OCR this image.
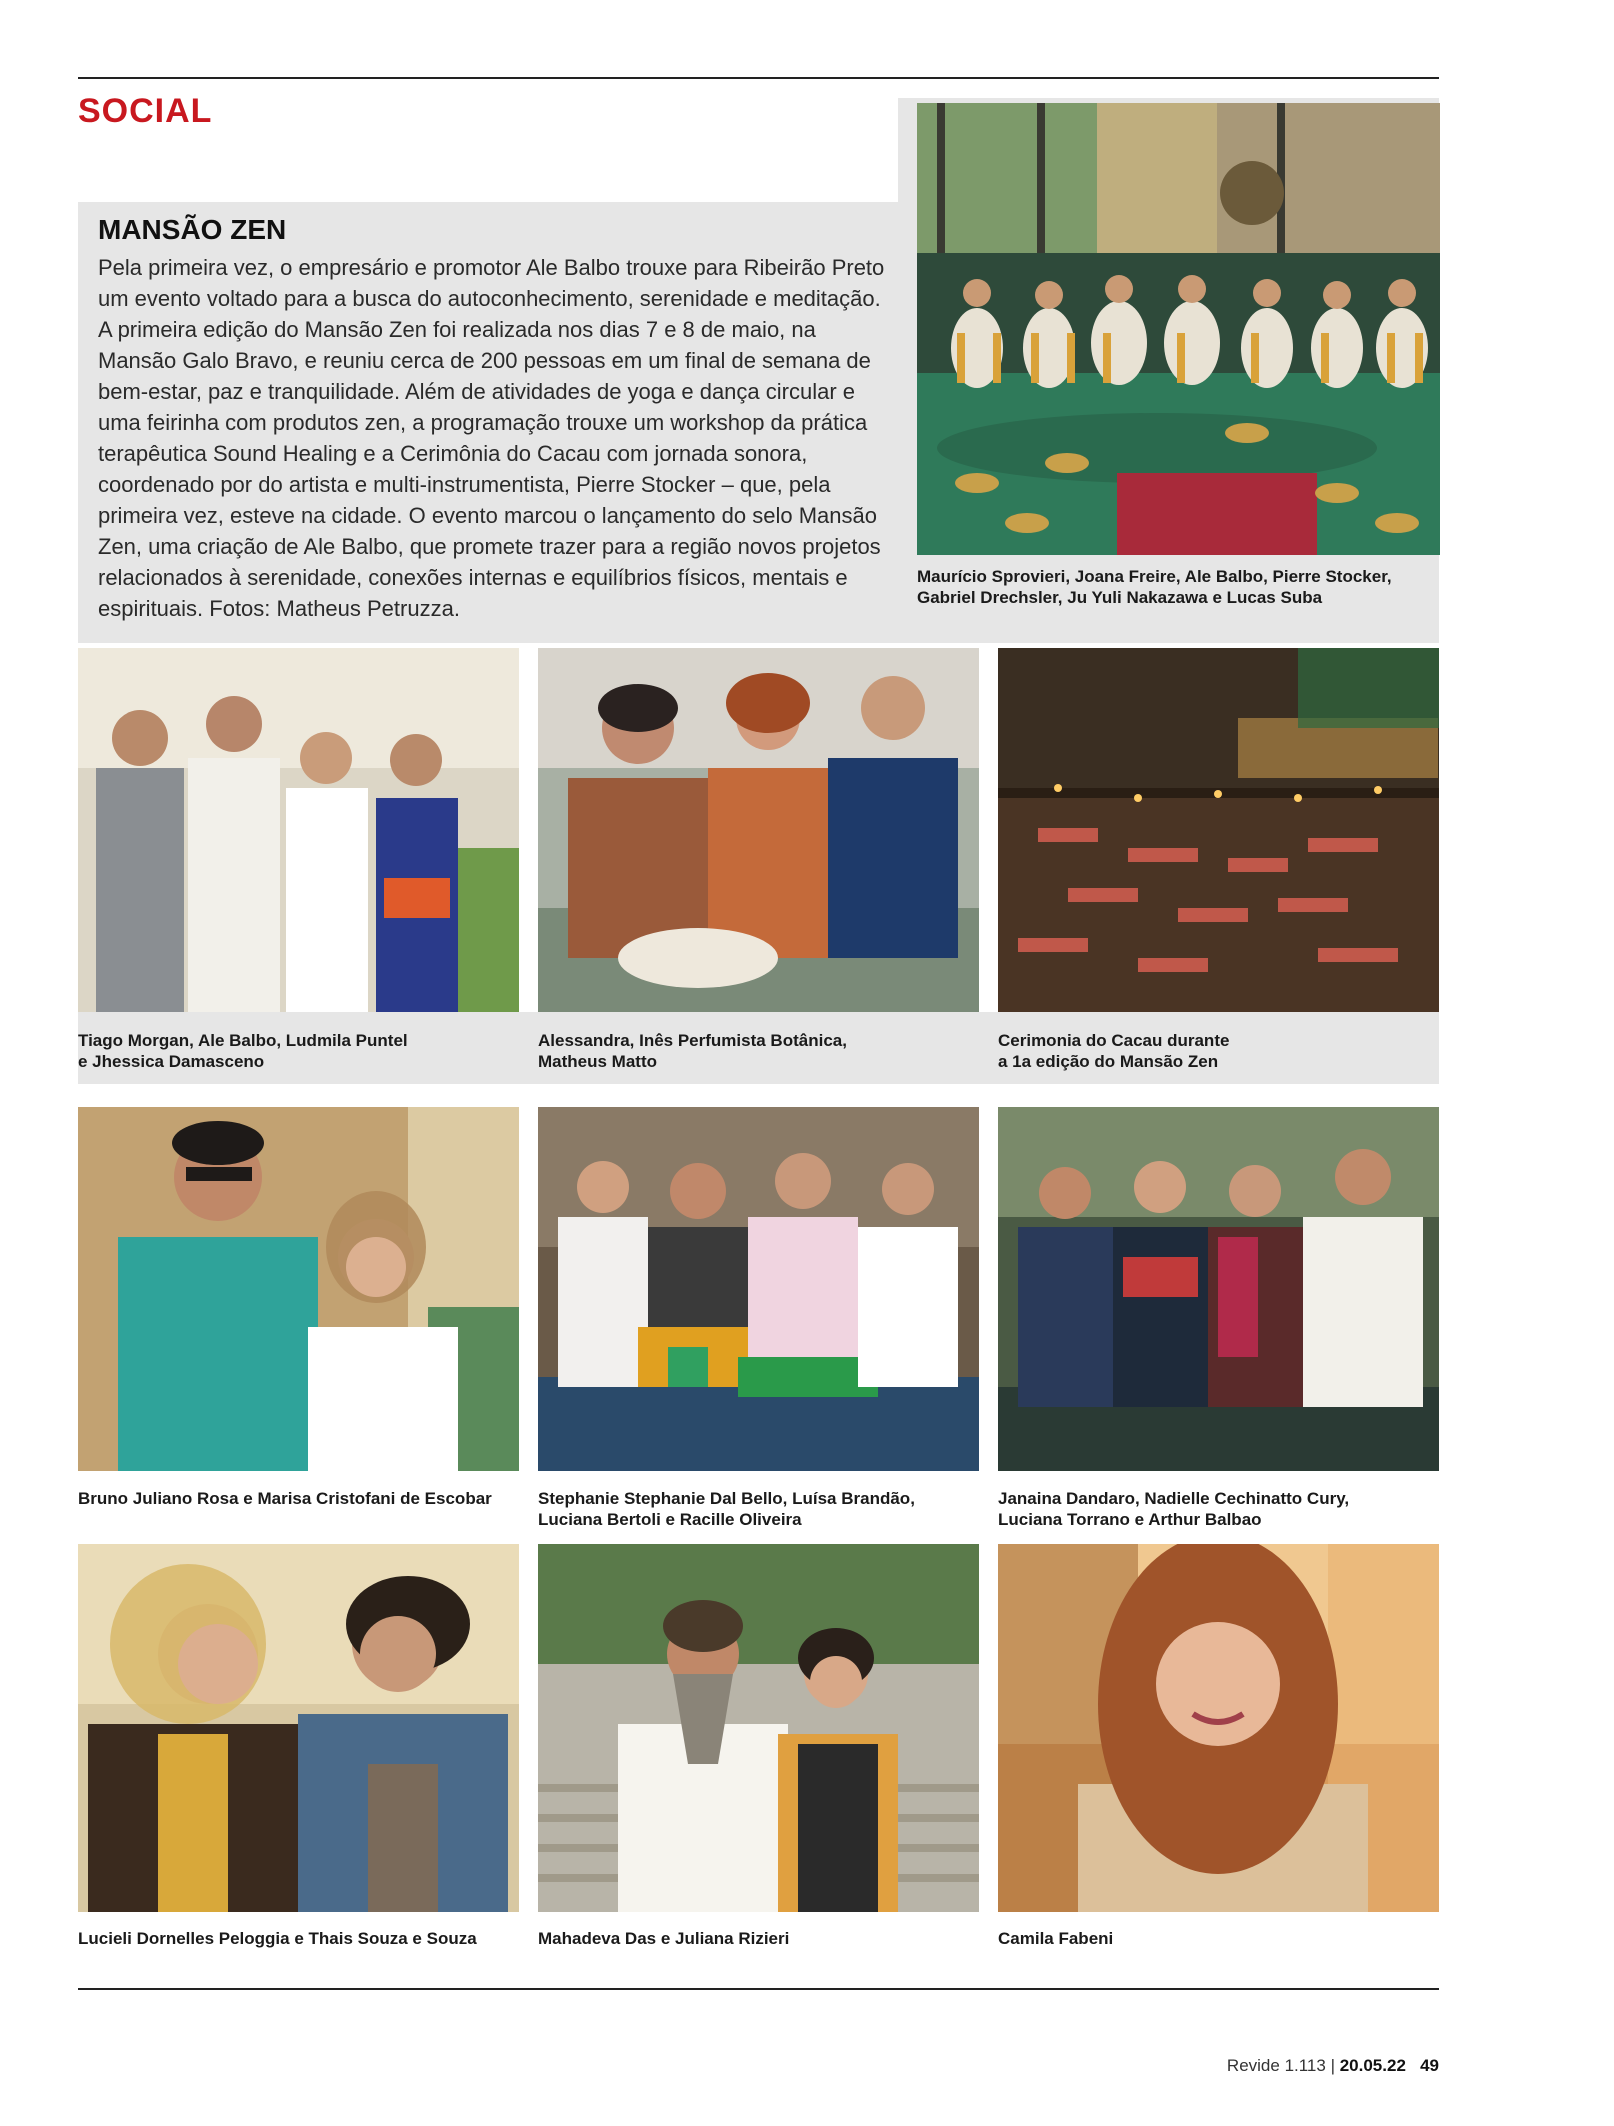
SOCIAL
MANSÃO ZEN

Pela primeira vez, o empresário e promotor Ale Balbo trouxe para Ribeirão Preto um evento voltado para a busca do autoconhecimento, serenidade e meditação. A primeira edição do Mansão Zen foi realizada nos dias 7 e 8 de maio, na Mansão Galo Bravo, e reuniu cerca de 200 pessoas em um final de semana de bem-estar, paz e tranquilidade. Além de atividades de yoga e dança circular e uma feirinha com produtos zen, a programação trouxe um workshop da prática terapêutica Sound Healing e a Cerimônia do Cacau com jornada sonora, coordenado por do artista e multi-instrumentista, Pierre Stocker – que, pela primeira vez, esteve na cidade. O evento marcou o lançamento do selo Mansão Zen, uma criação de Ale Balbo, que promete trazer para a região novos projetos relacionados à serenidade, conexões internas e equilíbrios físicos, mentais e espirituais. Fotos: Matheus Petruzza.

Maurício Sprovieri, Joana Freire, Ale Balbo, Pierre Stocker,
Gabriel Drechsler, Ju Yuli Nakazawa e Lucas Suba

Tiago Morgan, Ale Balbo, Ludmila Puntel
e Jhessica Damasceno

Alessandra, Inês Perfumista Botânica,
Matheus Matto

Cerimonia do Cacau durante
a 1a edição do Mansão Zen

Bruno Juliano Rosa e Marisa Cristofani de Escobar	Stephanie Stephanie Dal Bello, Luísa Brandão,
Luciana Bertoli e Racille Oliveira

Janaina Dandaro, Nadielle Cechinatto Cury,
Luciana Torrano e Arthur Balbao

Lucieli Dornelles Peloggia e Thais Souza e Souza	Mahadeva Das e Juliana Rizieri	Camila Fabeni

Revide 1.113 | 20.05.22 49
